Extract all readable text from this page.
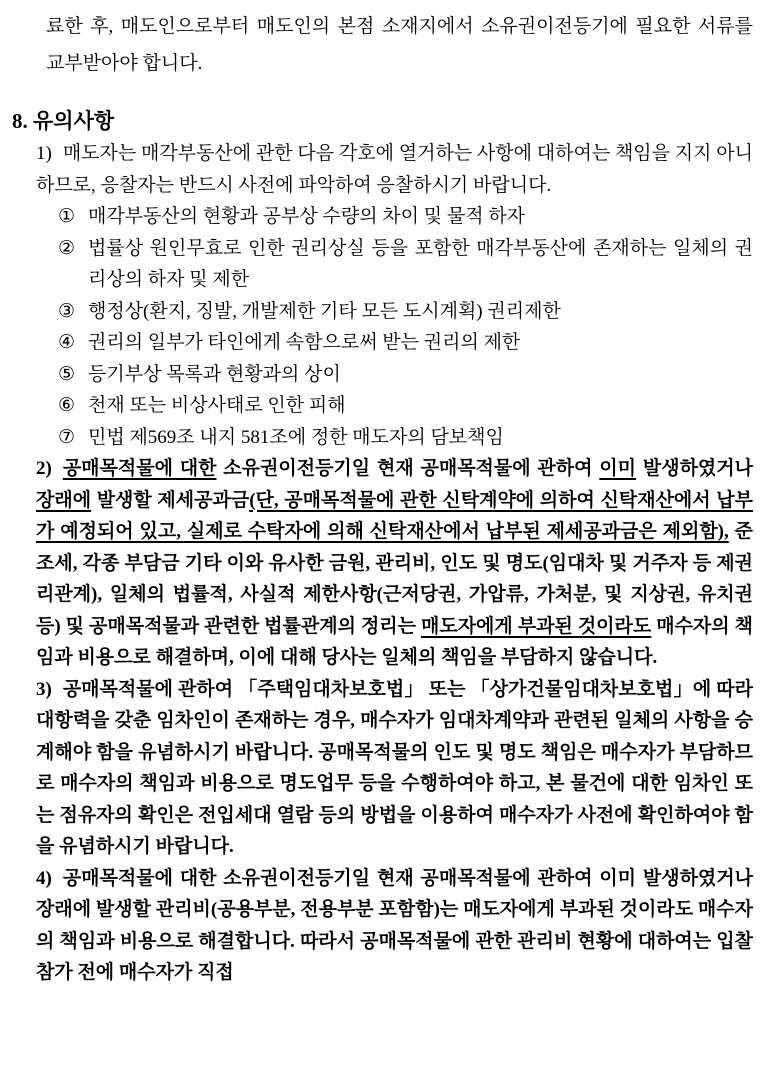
료한 후, 매도인으로부터 매도인의 본점 소재지에서 소유권이전등기에 필요한 서류를 교부받아야 합니다.

8. 유의사항
1) 매도자는 매각부동산에 관한 다음 각호에 열거하는 사항에 대하여는 책임을 지지 아니하므로, 응찰자는 반드시 사전에 파악하여 응찰하시기 바랍니다.
① 매각부동산의 현황과 공부상 수량의 차이 및 물적 하자
② 법률상 원인무효로 인한 권리상실 등을 포함한 매각부동산에 존재하는 일체의 권리상의 하자 및 제한
③ 행정상(환지, 징발, 개발제한 기타 모든 도시계획) 권리제한
④ 권리의 일부가 타인에게 속함으로써 받는 권리의 제한
⑤ 등기부상 목록과 현황과의 상이
⑥ 천재 또는 비상사태로 인한 피해
⑦ 민법 제569조 내지 581조에 정한 매도자의 담보책임
2) 공매목적물에 대한 소유권이전등기일 현재 공매목적물에 관하여 이미 발생하였거나 장래에 발생할 제세공과금(단, 공매목적물에 관한 신탁계약에 의하여 신탁재산에서 납부가 예정되어 있고, 실제로 수탁자에 의해 신탁재산에서 납부된 제세공과금은 제외함), 준조세, 각종 부담금 기타 이와 유사한 금원, 관리비, 인도 및 명도(임대차 및 거주자 등 제권리관계), 일체의 법률적, 사실적 제한사항(근저당권, 가압류, 가처분, 및 지상권, 유치권 등) 및 공매목적물과 관련한 법률관계의 정리는 매도자에게 부과된 것이라도 매수자의 책임과 비용으로 해결하며, 이에 대해 당사는 일체의 책임을 부담하지 않습니다.
3) 공매목적물에 관하여 「주택임대차보호법」 또는 「상가건물임대차보호법」에 따라 대항력을 갖춘 임차인이 존재하는 경우, 매수자가 임대차계약과 관련된 일체의 사항을 승계해야 함을 유념하시기 바랍니다. 공매목적물의 인도 및 명도 책임은 매수자가 부담하므로 매수자의 책임과 비용으로 명도업무 등을 수행하여야 하고, 본 물건에 대한 임차인 또는 점유자의 확인은 전입세대 열람 등의 방법을 이용하여 매수자가 사전에 확인하여야 함을 유념하시기 바랍니다.
4) 공매목적물에 대한 소유권이전등기일 현재 공매목적물에 관하여 이미 발생하였거나 장래에 발생할 관리비(공용부분, 전용부분 포함함)는 매도자에게 부과된 것이라도 매수자의 책임과 비용으로 해결합니다. 따라서 공매목적물에 관한 관리비 현황에 대하여는 입찰 참가 전에 매수자가 직접
